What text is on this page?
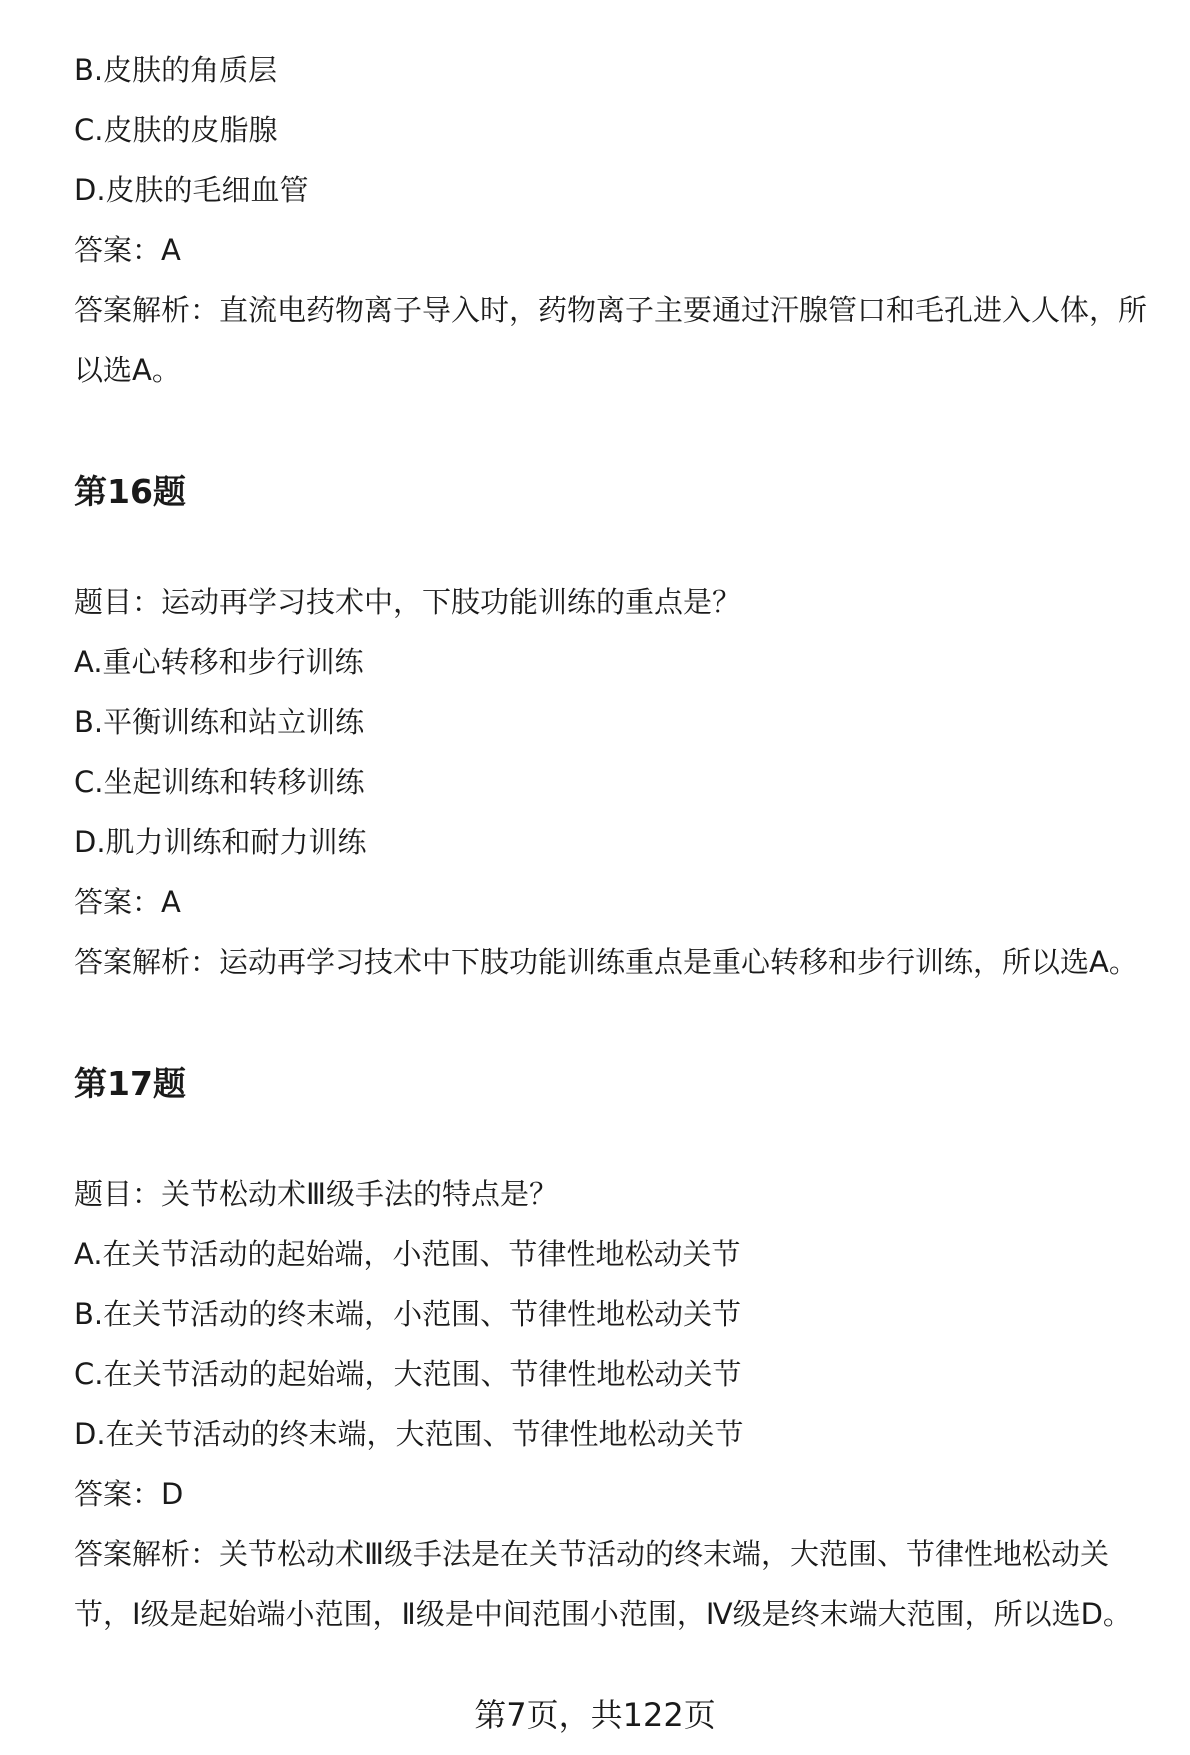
B.皮肤的角质层
C.皮肤的皮脂腺
D.皮肤的毛细血管
答案：A
答案解析：直流电药物离子导入时，药物离子主要通过汗腺管口和毛孔进入人体，所以选A。
第16题
题目：运动再学习技术中，下肢功能训练的重点是？
A.重心转移和步行训练
B.平衡训练和站立训练
C.坐起训练和转移训练
D.肌力训练和耐力训练
答案：A
答案解析：运动再学习技术中下肢功能训练重点是重心转移和步行训练，所以选A。
第17题
题目：关节松动术Ⅲ级手法的特点是？
A.在关节活动的起始端，小范围、节律性地松动关节
B.在关节活动的终末端，小范围、节律性地松动关节
C.在关节活动的起始端，大范围、节律性地松动关节
D.在关节活动的终末端，大范围、节律性地松动关节
答案：D
答案解析：关节松动术Ⅲ级手法是在关节活动的终末端，大范围、节律性地松动关节，Ⅰ级是起始端小范围，Ⅱ级是中间范围小范围，Ⅳ级是终末端大范围，所以选D。
第7页，共122页
